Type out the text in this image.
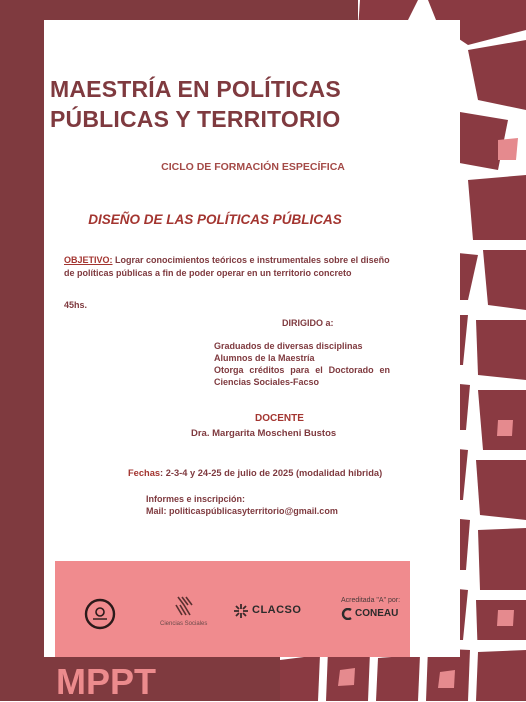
MAESTRÍA EN POLÍTICAS
PÚBLICAS Y TERRITORIO
CICLO DE FORMACIÓN ESPECÍFICA
DISEÑO DE LAS POLÍTICAS PÚBLICAS
OBJETIVO: Lograr conocimientos teóricos e instrumentales sobre el diseño de políticas públicas a fin de poder operar en un territorio concreto
45hs.
DIRIGIDO a:
Graduados de diversas disciplinas
Alumnos de la Maestría
Otorga créditos para el Doctorado en
Ciencias Sociales-Facso
DOCENTE
Dra. Margarita Moscheni Bustos
Fechas: 2-3-4 y 24-25 de julio de 2025 (modalidad híbrida)
Informes e inscripción:
Mail: politicaspúblicasyterritorio@gmail.com
Ciencias Sociales
CLACSO
Acreditada "A" por:
CONEAU
MPPT
